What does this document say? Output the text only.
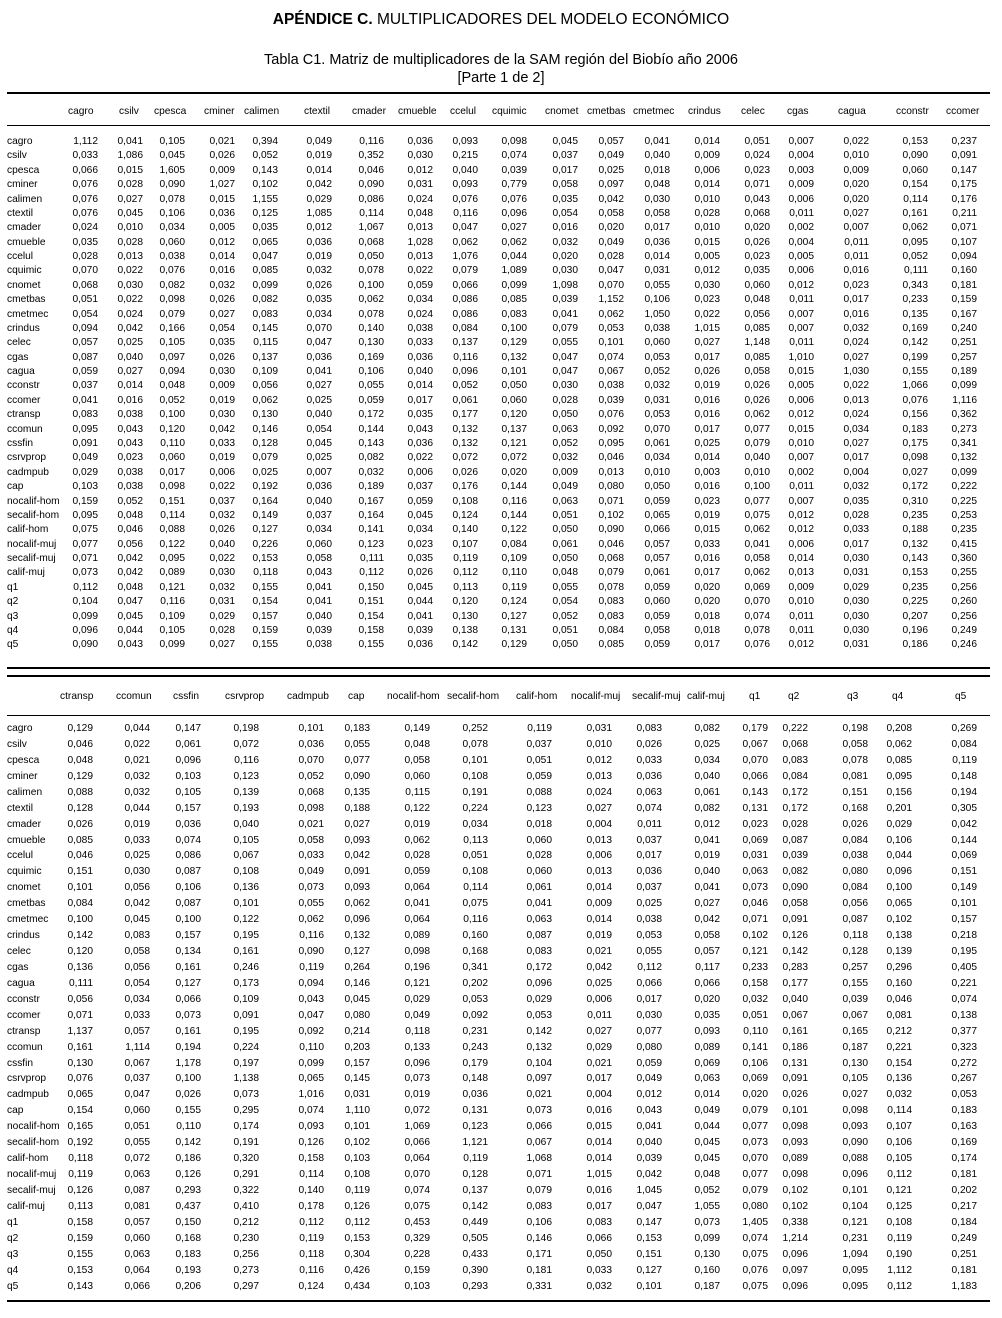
APÉNDICE C. MULTIPLICADORES DEL MODELO ECONÓMICO
Tabla C1. Matriz de multiplicadores de la SAM región del Biobío año 2006
[Parte 1 de 2]
cagro	csilv cpesca cminer calimen ctextil cmader cmueble ccelul cquimic cnomet cmetbas cmetmec crindus celec cgas	cagua	cconstr ccomer
cagro	1,112	0,041	0,105	0,021	0,394	0,049	0,116	0,036	0,093	0,098	0,045	0,057	0,041	0,014	0,051	0,007	0,022	0,153	0,237
csilv	0,033	1,086	0,045	0,026	0,052	0,019	0,352	0,030	0,215	0,074	0,037	0,049	0,040	0,009	0,024	0,004	0,010	0,090	0,091
cpesca	0,066	0,015	1,605	0,009	0,143	0,014	0,046	0,012	0,040	0,039	0,017	0,025	0,018	0,006	0,023	0,003	0,009	0,060	0,147
cminer	0,076	0,028	0,090	1,027	0,102	0,042	0,090	0,031	0,093	0,779	0,058	0,097	0,048	0,014	0,071	0,009	0,020	0,154	0,175
calimen	0,076	0,027	0,078	0,015	1,155	0,029	0,086	0,024	0,076	0,076	0,035	0,042	0,030	0,010	0,043	0,006	0,020	0,114	0,176
ctextil	0,076	0,045	0,106	0,036	0,125	1,085	0,114	0,048	0,116	0,096	0,054	0,058	0,058	0,028	0,068	0,011	0,027	0,161	0,211
cmader	0,024	0,010	0,034	0,005	0,035	0,012	1,067	0,013	0,047	0,027	0,016	0,020	0,017	0,010	0,020	0,002	0,007	0,062	0,071
cmueble	0,035	0,028	0,060	0,012	0,065	0,036	0,068	1,028	0,062	0,062	0,032	0,049	0,036	0,015	0,026	0,004	0,011	0,095	0,107
ccelul	0,028	0,013	0,038	0,014	0,047	0,019	0,050	0,013	1,076	0,044	0,020	0,028	0,014	0,005	0,023	0,005	0,011	0,052	0,094
cquimic	0,070	0,022	0,076	0,016	0,085	0,032	0,078	0,022	0,079	1,089	0,030	0,047	0,031	0,012	0,035	0,006	0,016	0,111	0,160
cnomet	0,068	0,030	0,082	0,032	0,099	0,026	0,100	0,059	0,066	0,099	1,098	0,070	0,055	0,030	0,060	0,012	0,023	0,343	0,181
cmetbas	0,051	0,022	0,098	0,026	0,082	0,035	0,062	0,034	0,086	0,085	0,039	1,152	0,106	0,023	0,048	0,011	0,017	0,233	0,159
cmetmec	0,054	0,024	0,079	0,027	0,083	0,034	0,078	0,024	0,086	0,083	0,041	0,062	1,050	0,022	0,056	0,007	0,016	0,135	0,167
crindus	0,094	0,042	0,166	0,054	0,145	0,070	0,140	0,038	0,084	0,100	0,079	0,053	0,038	1,015	0,085	0,007	0,032	0,169	0,240
celec	0,057	0,025	0,105	0,035	0,115	0,047	0,130	0,033	0,137	0,129	0,055	0,101	0,060	0,027	1,148	0,011	0,024	0,142	0,251
cgas	0,087	0,040	0,097	0,026	0,137	0,036	0,169	0,036	0,116	0,132	0,047	0,074	0,053	0,017	0,085	1,010	0,027	0,199	0,257
cagua	0,059	0,027	0,094	0,030	0,109	0,041	0,106	0,040	0,096	0,101	0,047	0,067	0,052	0,026	0,058	0,015	1,030	0,155	0,189
cconstr	0,037	0,014	0,048	0,009	0,056	0,027	0,055	0,014	0,052	0,050	0,030	0,038	0,032	0,019	0,026	0,005	0,022	1,066	0,099
ccomer	0,041	0,016	0,052	0,019	0,062	0,025	0,059	0,017	0,061	0,060	0,028	0,039	0,031	0,016	0,026	0,006	0,013	0,076	1,116
ctransp	0,083	0,038	0,100	0,030	0,130	0,040	0,172	0,035	0,177	0,120	0,050	0,076	0,053	0,016	0,062	0,012	0,024	0,156	0,362
ccomun	0,095	0,043	0,120	0,042	0,146	0,054	0,144	0,043	0,132	0,137	0,063	0,092	0,070	0,017	0,077	0,015	0,034	0,183	0,273
cssfin	0,091	0,043	0,110	0,033	0,128	0,045	0,143	0,036	0,132	0,121	0,052	0,095	0,061	0,025	0,079	0,010	0,027	0,175	0,341
csrvprop	0,049	0,023	0,060	0,019	0,079	0,025	0,082	0,022	0,072	0,072	0,032	0,046	0,034	0,014	0,040	0,007	0,017	0,098	0,132
cadmpub	0,029	0,038	0,017	0,006	0,025	0,007	0,032	0,006	0,026	0,020	0,009	0,013	0,010	0,003	0,010	0,002	0,004	0,027	0,099
cap	0,103	0,038	0,098	0,022	0,192	0,036	0,189	0,037	0,176	0,144	0,049	0,080	0,050	0,016	0,100	0,011	0,032	0,172	0,222
nocalif-hom	0,159	0,052	0,151	0,037	0,164	0,040	0,167	0,059	0,108	0,116	0,063	0,071	0,059	0,023	0,077	0,007	0,035	0,310	0,225
secalif-hom	0,095	0,048	0,114	0,032	0,149	0,037	0,164	0,045	0,124	0,144	0,051	0,102	0,065	0,019	0,075	0,012	0,028	0,235	0,253
calif-hom	0,075	0,046	0,088	0,026	0,127	0,034	0,141	0,034	0,140	0,122	0,050	0,090	0,066	0,015	0,062	0,012	0,033	0,188	0,235
nocalif-muj	0,077	0,056	0,122	0,040	0,226	0,060	0,123	0,023	0,107	0,084	0,061	0,046	0,057	0,033	0,041	0,006	0,017	0,132	0,415
secalif-muj	0,071	0,042	0,095	0,022	0,153	0,058	0,111	0,035	0,119	0,109	0,050	0,068	0,057	0,016	0,058	0,014	0,030	0,143	0,360
calif-muj	0,073	0,042	0,089	0,030	0,118	0,043	0,112	0,026	0,112	0,110	0,048	0,079	0,061	0,017	0,062	0,013	0,031	0,153	0,255
q1	0,112	0,048	0,121	0,032	0,155	0,041	0,150	0,045	0,113	0,119	0,055	0,078	0,059	0,020	0,069	0,009	0,029	0,235	0,256
q2	0,104	0,047	0,116	0,031	0,154	0,041	0,151	0,044	0,120	0,124	0,054	0,083	0,060	0,020	0,070	0,010	0,030	0,225	0,260
q3	0,099	0,045	0,109	0,029	0,157	0,040	0,154	0,041	0,130	0,127	0,052	0,083	0,059	0,018	0,074	0,011	0,030	0,207	0,256
q4	0,096	0,044	0,105	0,028	0,159	0,039	0,158	0,039	0,138	0,131	0,051	0,084	0,058	0,018	0,078	0,011	0,030	0,196	0,249
q5	0,090	0,043	0,099	0,027	0,155	0,038	0,155	0,036	0,142	0,129	0,050	0,085	0,059	0,017	0,076	0,012	0,031	0,186	0,246
ctransp ccomun cssfin	csrvprop cadmpub cap nocalif-hom secalif-hom calif-hom nocalif-muj secalif-muj calif-muj q1	q2	q3	q4	q5
cagro	0,129	0,044	0,147	0,198	0,101	0,183	0,149	0,252	0,119	0,031	0,083	0,082	0,179	0,222	0,198	0,208	0,269
csilv	0,046	0,022	0,061	0,072	0,036	0,055	0,048	0,078	0,037	0,010	0,026	0,025	0,067	0,068	0,058	0,062	0,084
cpesca	0,048	0,021	0,096	0,116	0,070	0,077	0,058	0,101	0,051	0,012	0,033	0,034	0,070	0,083	0,078	0,085	0,119
cminer	0,129	0,032	0,103	0,123	0,052	0,090	0,060	0,108	0,059	0,013	0,036	0,040	0,066	0,084	0,081	0,095	0,148
calimen	0,088	0,032	0,105	0,139	0,068	0,135	0,115	0,191	0,088	0,024	0,063	0,061	0,143	0,172	0,151	0,156	0,194
ctextil	0,128	0,044	0,157	0,193	0,098	0,188	0,122	0,224	0,123	0,027	0,074	0,082	0,131	0,172	0,168	0,201	0,305
cmader	0,026	0,019	0,036	0,040	0,021	0,027	0,019	0,034	0,018	0,004	0,011	0,012	0,023	0,028	0,026	0,029	0,042
cmueble	0,085	0,033	0,074	0,105	0,058	0,093	0,062	0,113	0,060	0,013	0,037	0,041	0,069	0,087	0,084	0,106	0,144
ccelul	0,046	0,025	0,086	0,067	0,033	0,042	0,028	0,051	0,028	0,006	0,017	0,019	0,031	0,039	0,038	0,044	0,069
cquimic	0,151	0,030	0,087	0,108	0,049	0,091	0,059	0,108	0,060	0,013	0,036	0,040	0,063	0,082	0,080	0,096	0,151
cnomet	0,101	0,056	0,106	0,136	0,073	0,093	0,064	0,114	0,061	0,014	0,037	0,041	0,073	0,090	0,084	0,100	0,149
cmetbas	0,084	0,042	0,087	0,101	0,055	0,062	0,041	0,075	0,041	0,009	0,025	0,027	0,046	0,058	0,056	0,065	0,101
cmetmec	0,100	0,045	0,100	0,122	0,062	0,096	0,064	0,116	0,063	0,014	0,038	0,042	0,071	0,091	0,087	0,102	0,157
crindus	0,142	0,083	0,157	0,195	0,116	0,132	0,089	0,160	0,087	0,019	0,053	0,058	0,102	0,126	0,118	0,138	0,218
celec	0,120	0,058	0,134	0,161	0,090	0,127	0,098	0,168	0,083	0,021	0,055	0,057	0,121	0,142	0,128	0,139	0,195
cgas	0,136	0,056	0,161	0,246	0,119	0,264	0,196	0,341	0,172	0,042	0,112	0,117	0,233	0,283	0,257	0,296	0,405
cagua	0,111	0,054	0,127	0,173	0,094	0,146	0,121	0,202	0,096	0,025	0,066	0,066	0,158	0,177	0,155	0,160	0,221
cconstr	0,056	0,034	0,066	0,109	0,043	0,045	0,029	0,053	0,029	0,006	0,017	0,020	0,032	0,040	0,039	0,046	0,074
ccomer	0,071	0,033	0,073	0,091	0,047	0,080	0,049	0,092	0,053	0,011	0,030	0,035	0,051	0,067	0,067	0,081	0,138
ctransp	1,137	0,057	0,161	0,195	0,092	0,214	0,118	0,231	0,142	0,027	0,077	0,093	0,110	0,161	0,165	0,212	0,377
ccomun	0,161	1,114	0,194	0,224	0,110	0,203	0,133	0,243	0,132	0,029	0,080	0,089	0,141	0,186	0,187	0,221	0,323
cssfin	0,130	0,067	1,178	0,197	0,099	0,157	0,096	0,179	0,104	0,021	0,059	0,069	0,106	0,131	0,130	0,154	0,272
csrvprop	0,076	0,037	0,100	1,138	0,065	0,145	0,073	0,148	0,097	0,017	0,049	0,063	0,069	0,091	0,105	0,136	0,267
cadmpub	0,065	0,047	0,026	0,073	1,016	0,031	0,019	0,036	0,021	0,004	0,012	0,014	0,020	0,026	0,027	0,032	0,053
cap	0,154	0,060	0,155	0,295	0,074	1,110	0,072	0,131	0,073	0,016	0,043	0,049	0,079	0,101	0,098	0,114	0,183
nocalif-hom 0,165	0,051	0,110	0,174	0,093	0,101	1,069	0,123	0,066	0,015	0,041	0,044	0,077	0,098	0,093	0,107	0,163
secalif-hom 0,192	0,055	0,142	0,191	0,126	0,102	0,066	1,121	0,067	0,014	0,040	0,045	0,073	0,093	0,090	0,106	0,169
calif-hom	0,118	0,072	0,186	0,320	0,158	0,103	0,064	0,119	1,068	0,014	0,039	0,045	0,070	0,089	0,088	0,105	0,174
nocalif-muj	0,119	0,063	0,126	0,291	0,114	0,108	0,070	0,128	0,071	1,015	0,042	0,048	0,077	0,098	0,096	0,112	0,181
secalif-muj	0,126	0,087	0,293	0,322	0,140	0,119	0,074	0,137	0,079	0,016	1,045	0,052	0,079	0,102	0,101	0,121	0,202
calif-muj	0,113	0,081	0,437	0,410	0,178	0,126	0,075	0,142	0,083	0,017	0,047	1,055	0,080	0,102	0,104	0,125	0,217
q1	0,158	0,057	0,150	0,212	0,112	0,112	0,453	0,449	0,106	0,083	0,147	0,073	1,405	0,338	0,121	0,108	0,184
q2	0,159	0,060	0,168	0,230	0,119	0,153	0,329	0,505	0,146	0,066	0,153	0,099	0,074	1,214	0,231	0,119	0,249
q3	0,155	0,063	0,183	0,256	0,118	0,304	0,228	0,433	0,171	0,050	0,151	0,130	0,075	0,096	1,094	0,190	0,251
q4	0,153	0,064	0,193	0,273	0,116	0,426	0,159	0,390	0,181	0,033	0,127	0,160	0,076	0,097	0,095	1,112	0,181
q5	0,143	0,066	0,206	0,297	0,124	0,434	0,103	0,293	0,331	0,032	0,101	0,187	0,075	0,096	0,095	0,112	1,183
